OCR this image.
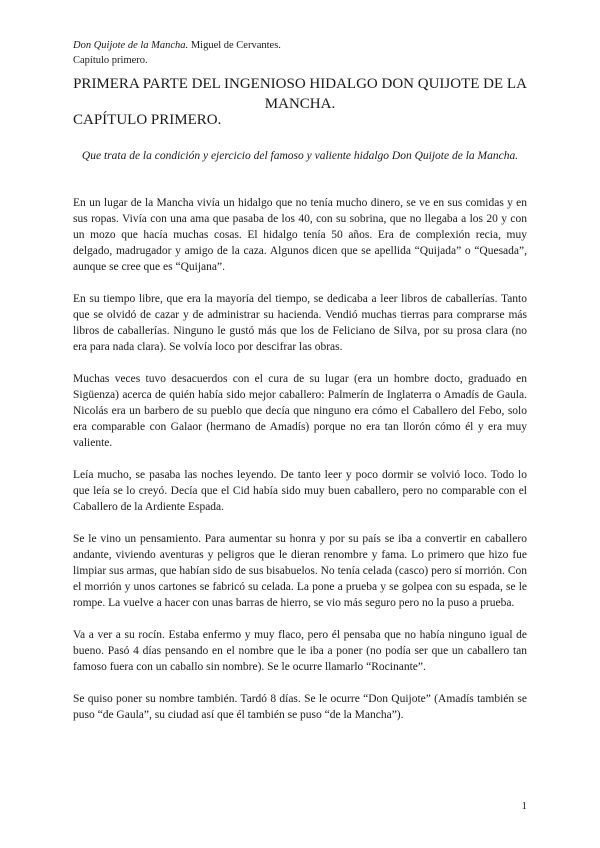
Don Quijote de la Mancha. Miguel de Cervantes.
Capítulo primero.
PRIMERA PARTE DEL INGENIOSO HIDALGO DON QUIJOTE DE LA MANCHA.
CAPÍTULO PRIMERO.

Que trata de la condición y ejercicio del famoso y valiente hidalgo Don Quijote de la Mancha.

En un lugar de la Mancha vivía un hidalgo que no tenía mucho dinero, se ve en sus comidas y en sus ropas. Vivía con una ama que pasaba de los 40, con su sobrina, que no llegaba a los 20 y con un mozo que hacía muchas cosas. El hidalgo tenía 50 años. Era de complexión recia, muy delgado, madrugador y amigo de la caza. Algunos dicen que se apellida “Quijada” o “Quesada”, aunque se cree que es “Quijana”.

En su tiempo libre, que era la mayoría del tiempo, se dedicaba a leer libros de caballerías. Tanto que se olvidó de cazar y de administrar su hacienda. Vendió muchas tierras para comprarse más libros de caballerías. Ninguno le gustó más que los de Feliciano de Silva, por su prosa clara (no era para nada clara). Se volvía loco por descifrar las obras.

Muchas veces tuvo desacuerdos con el cura de su lugar (era un hombre docto, graduado en Sigüenza) acerca de quién había sido mejor caballero: Palmerín de Inglaterra o Amadís de Gaula. Nicolás era un barbero de su pueblo que decía que ninguno era cómo el Caballero del Febo, solo era comparable con Galaor (hermano de Amadís) porque no era tan llorón cómo él y era muy valiente.

Leía mucho, se pasaba las noches leyendo. De tanto leer y poco dormir se volvió loco. Todo lo que leía se lo creyó. Decía que el Cid había sido muy buen caballero, pero no comparable con el Caballero de la Ardiente Espada.

Se le vino un pensamiento. Para aumentar su honra y por su país se iba a convertir en caballero andante, viviendo aventuras y peligros que le dieran renombre y fama. Lo primero que hizo fue limpiar sus armas, que habían sido de sus bisabuelos. No tenía celada (casco) pero sí morrión. Con el morrión y unos cartones se fabricó su celada. La pone a prueba y se golpea con su espada, se le rompe. La vuelve a hacer con unas barras de hierro, se vio más seguro pero no la puso a prueba.

Va a ver a su rocín. Estaba enfermo y muy flaco, pero él pensaba que no había ninguno igual de bueno. Pasó 4 días pensando en el nombre que le iba a poner (no podía ser que un caballero tan famoso fuera con un caballo sin nombre). Se le ocurre llamarlo “Rocinante”.

Se quiso poner su nombre también. Tardó 8 días. Se le ocurre “Don Quijote” (Amadís también se puso “de Gaula”, su ciudad así que él también se puso “de la Mancha”).

1
